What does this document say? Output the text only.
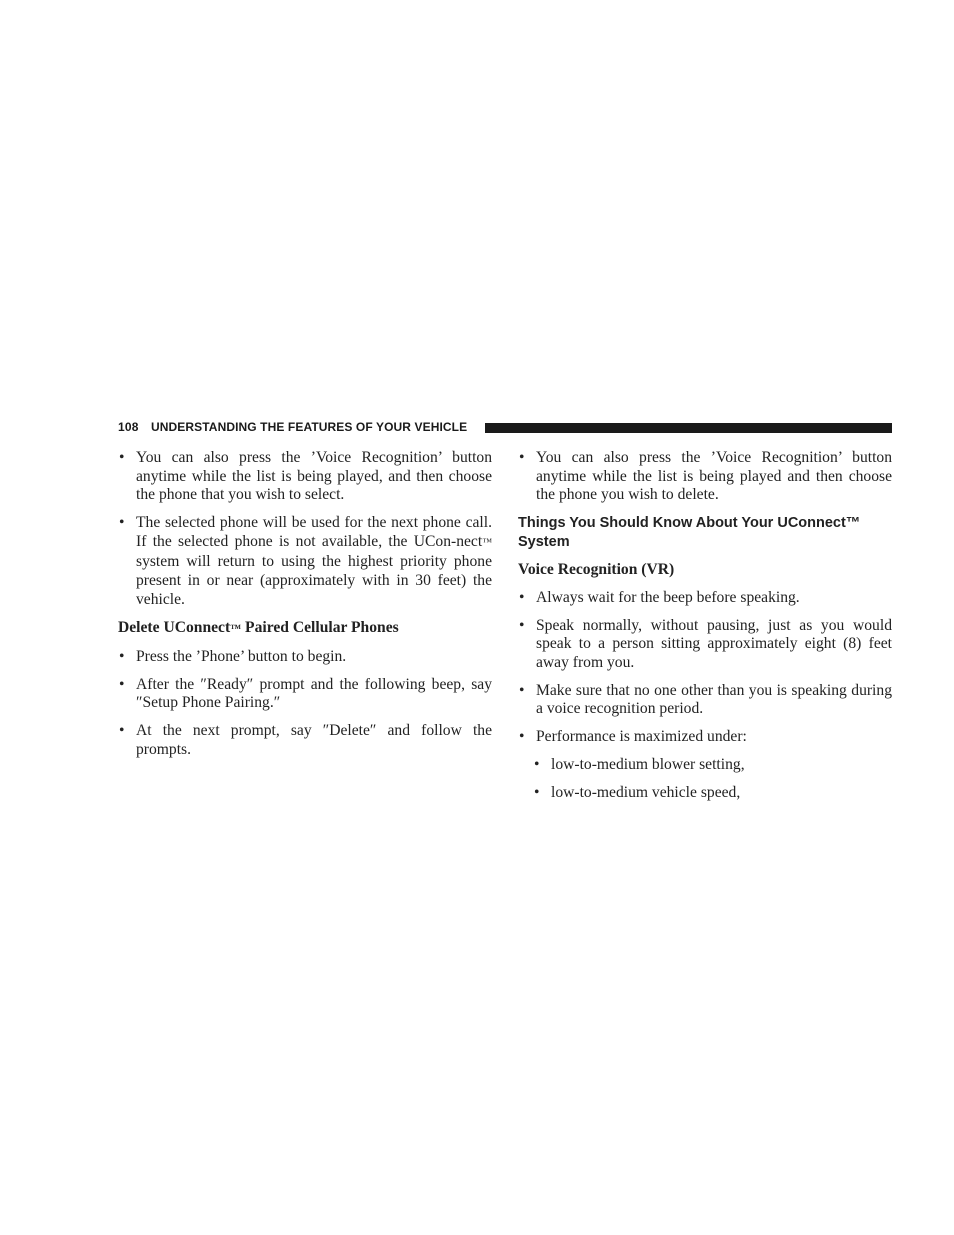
108 UNDERSTANDING THE FEATURES OF YOUR VEHICLE
• You can also press the ’Voice Recognition’ button anytime while the list is being played, and then choose the phone that you wish to select.
• The selected phone will be used for the next phone call. If the selected phone is not available, the UCon-nect™ system will return to using the highest priority phone present in or near (approximately with in 30 feet) the vehicle.
Delete UConnect™ Paired Cellular Phones
• Press the ’Phone’ button to begin.
• After the ″Ready″ prompt and the following beep, say ″Setup Phone Pairing.″
• At the next prompt, say ″Delete″ and follow the prompts.
• You can also press the ’Voice Recognition’ button anytime while the list is being played and then choose the phone you wish to delete.
Things You Should Know About Your UConnect™ System
Voice Recognition (VR)
• Always wait for the beep before speaking.
• Speak normally, without pausing, just as you would speak to a person sitting approximately eight (8) feet away from you.
• Make sure that no one other than you is speaking during a voice recognition period.
• Performance is maximized under:
• low-to-medium blower setting,
• low-to-medium vehicle speed,
